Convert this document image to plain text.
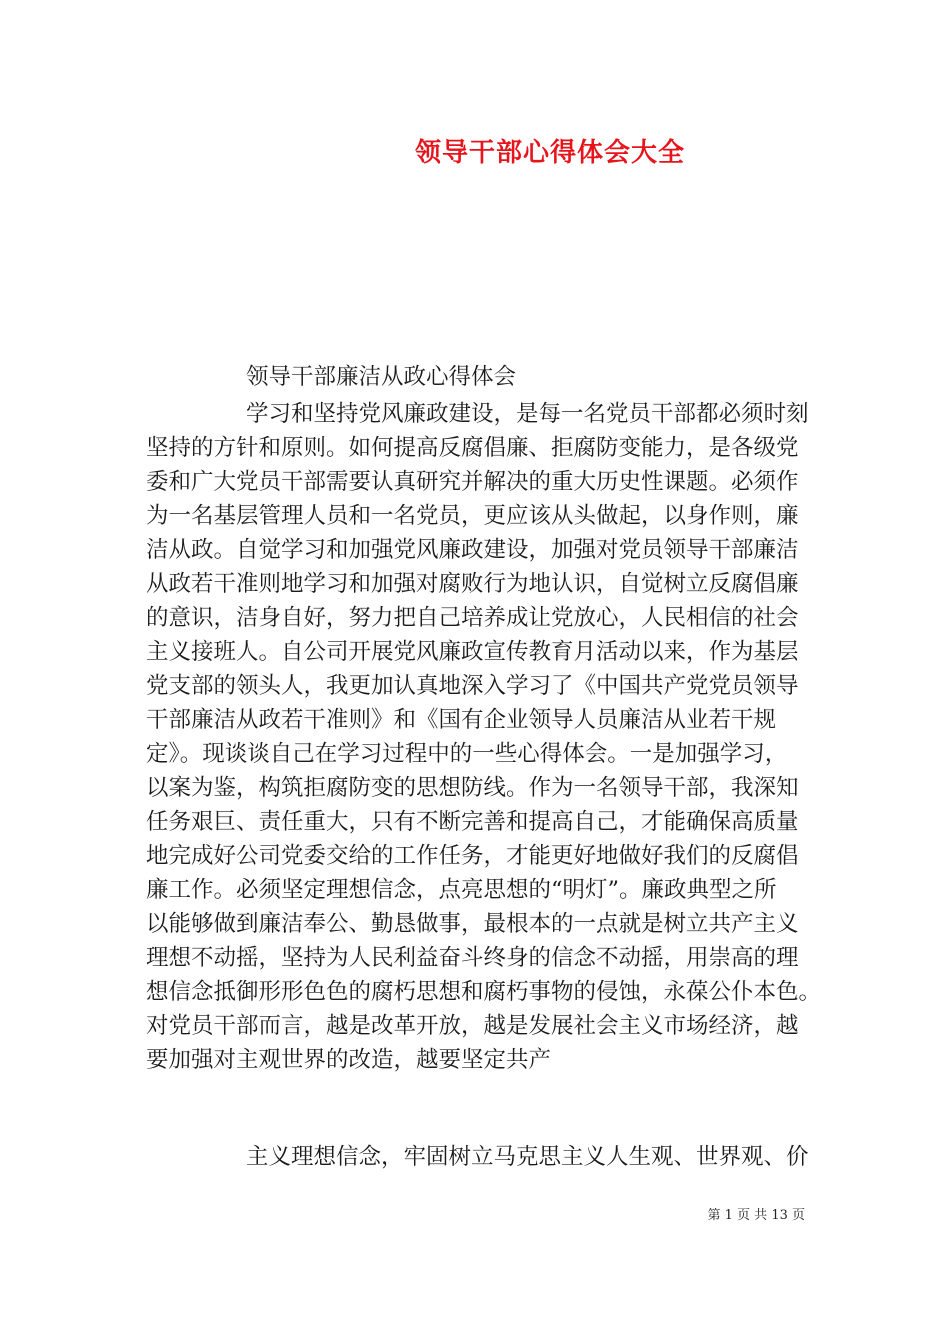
领导干部心得体会大全
领导干部廉洁从政心得体会
学习和坚持党风廉政建设，是每一名党员干部都必须时刻
坚持的方针和原则。如何提高反腐倡廉、拒腐防变能力，是各级党
委和广大党员干部需要认真研究并解决的重大历史性课题。必须作
为一名基层管理人员和一名党员，更应该从头做起，以身作则，廉
洁从政。自觉学习和加强党风廉政建设，加强对党员领导干部廉洁
从政若干准则地学习和加强对腐败行为地认识，自觉树立反腐倡廉
的意识，洁身自好，努力把自己培养成让党放心，人民相信的社会
主义接班人。自公司开展党风廉政宣传教育月活动以来，作为基层
党支部的领头人，我更加认真地深入学习了《中国共产党党员领导
干部廉洁从政若干准则》和《国有企业领导人员廉洁从业若干规
定》。现谈谈自己在学习过程中的一些心得体会。一是加强学习，
以案为鉴，构筑拒腐防变的思想防线。作为一名领导干部，我深知
任务艰巨、责任重大，只有不断完善和提高自己，才能确保高质量
地完成好公司党委交给的工作任务，才能更好地做好我们的反腐倡
廉工作。必须坚定理想信念，点亮思想的“明灯”。廉政典型之所
以能够做到廉洁奉公、勤恳做事，最根本的一点就是树立共产主义
理想不动摇，坚持为人民利益奋斗终身的信念不动摇，用崇高的理
想信念抵御形形色色的腐朽思想和腐朽事物的侵蚀，永葆公仆本色。
对党员干部而言，越是改革开放，越是发展社会主义市场经济，越
要加强对主观世界的改造，越要坚定共产
主义理想信念，牢固树立马克思主义人生观、世界观、价
第 1 页 共 13 页
